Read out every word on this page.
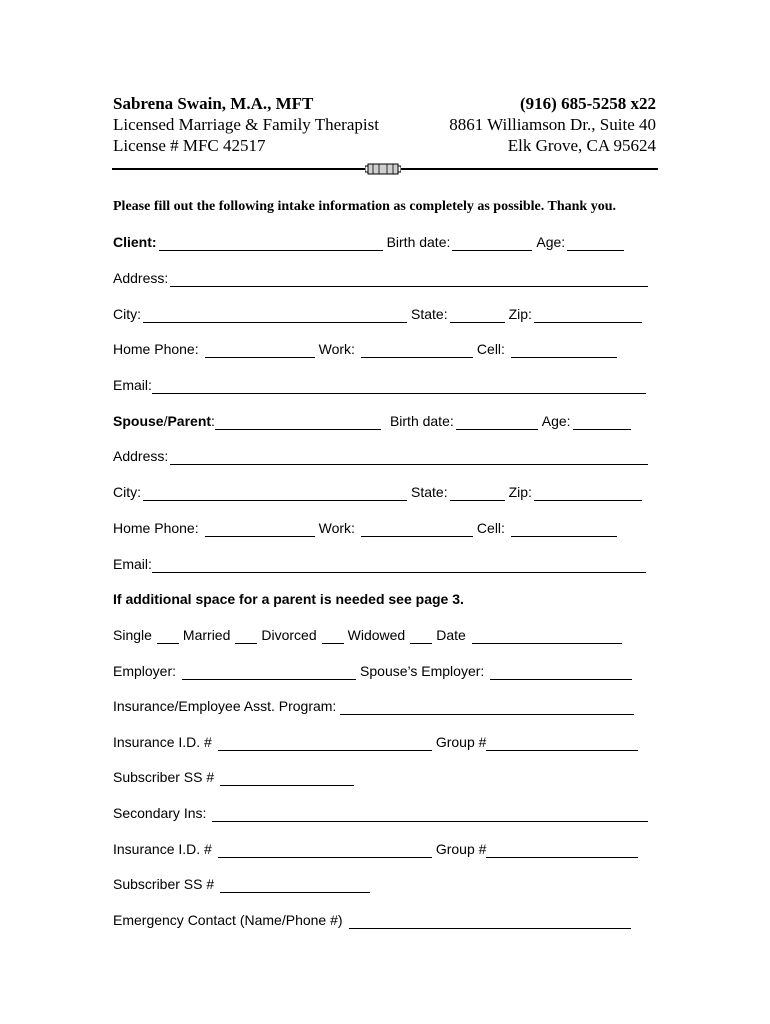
Sabrena Swain, M.A., MFT
Licensed Marriage & Family Therapist
License # MFC 42517
(916) 685-5258 x22
8861 Williamson Dr., Suite 40
Elk Grove, CA 95624
Please fill out the following intake information as completely as possible. Thank you.
Client:	Birth date:	Age:
Address:
City:	State:	Zip:
Home Phone:	Work:	Cell:
Email:
Spouse / Parent :	Birth date:	Age:
Address:
City:	State:	Zip:
Home Phone:	Work:	Cell:
Email:
If additional space for a parent is needed see page 3.
Single Married Divorced Widowed Date
Employer:	Spouse’s Employer:
Insurance/Employee Asst. Program:
Insurance I.D. #	Group #
Subscriber SS #
Secondary Ins:
Insurance I.D. #	Group #
Subscriber SS #
Emergency Contact (Name/Phone #)
